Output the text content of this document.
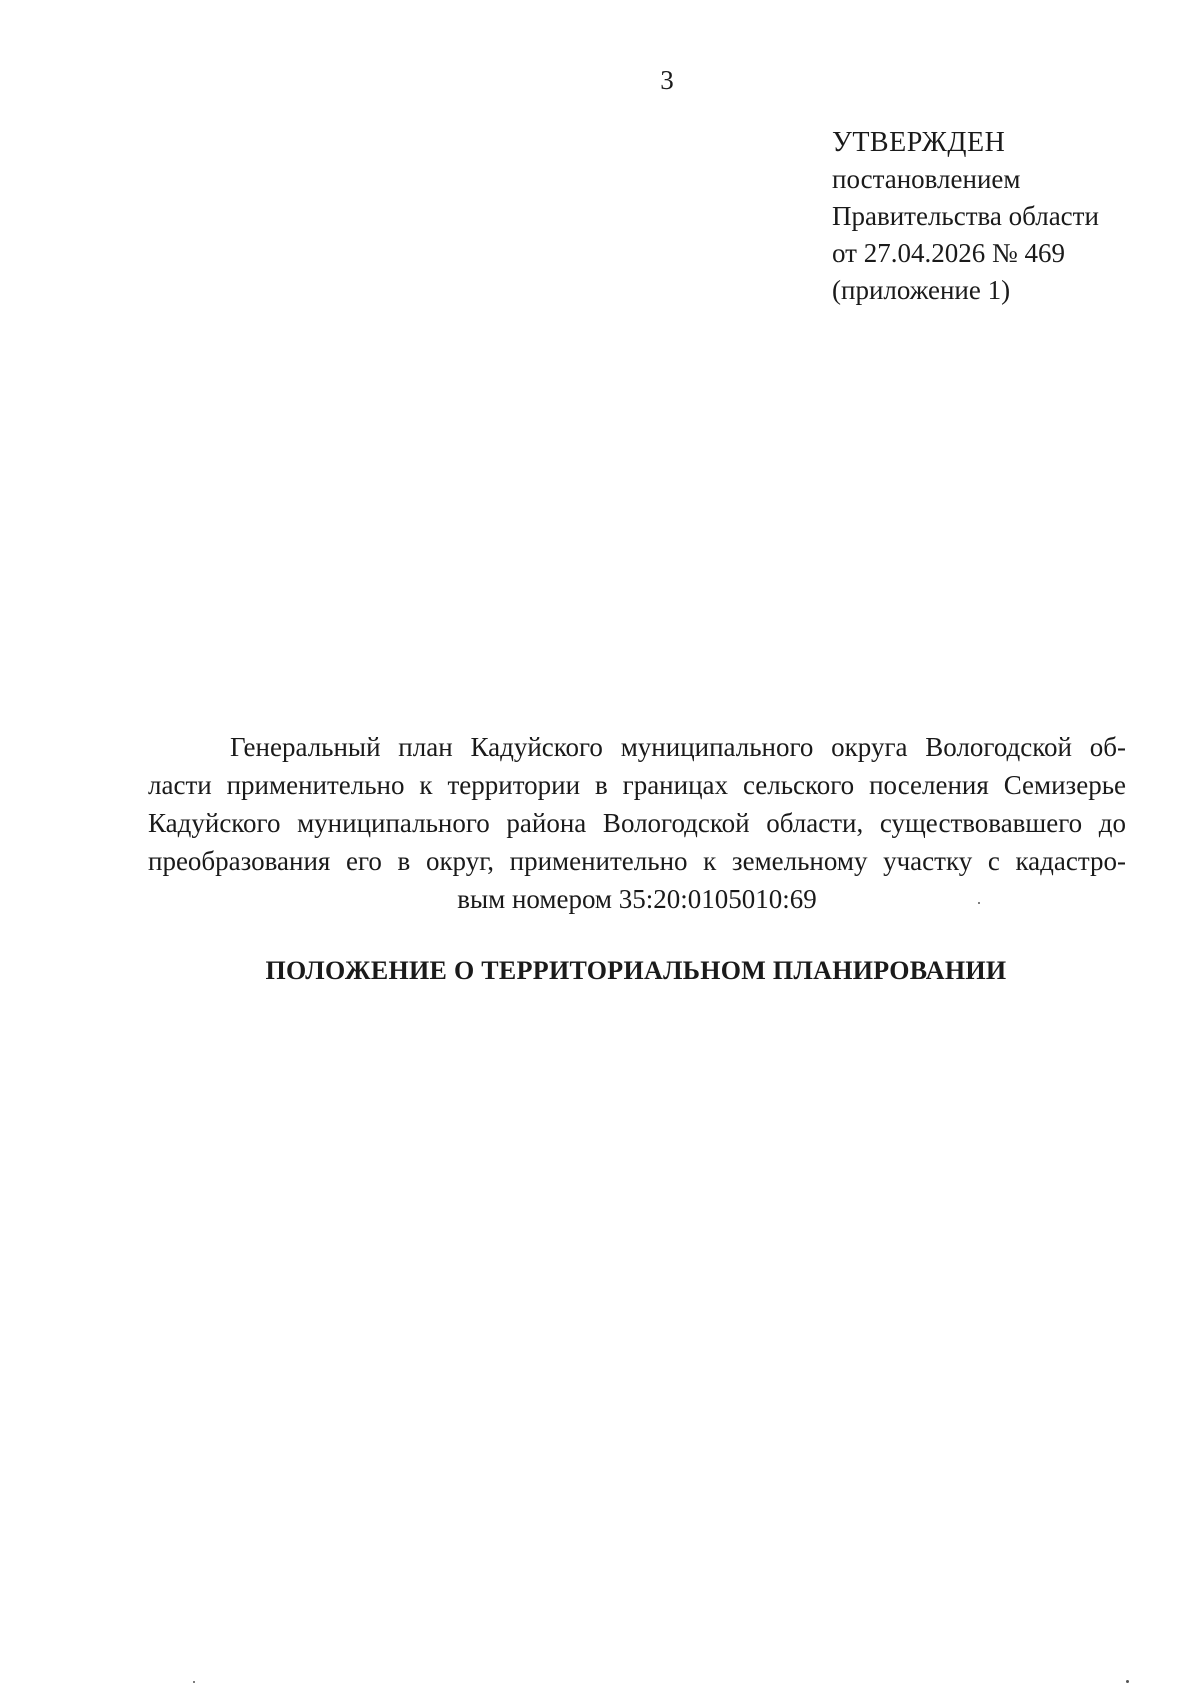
3
УТВЕРЖДЕН
постановлением
Правительства области
от 27.04.2026 № 469
(приложение 1)
Генеральный план Кадуйского муниципального округа Вологодской об-
ласти применительно к территории в границах сельского поселения Семизерье
Кадуйского муниципального района Вологодской области, существовавшего до
преобразования его в округ, применительно к земельному участку с кадастро-
вым номером 35:20:0105010:69
ПОЛОЖЕНИЕ О ТЕРРИТОРИАЛЬНОМ ПЛАНИРОВАНИИ
